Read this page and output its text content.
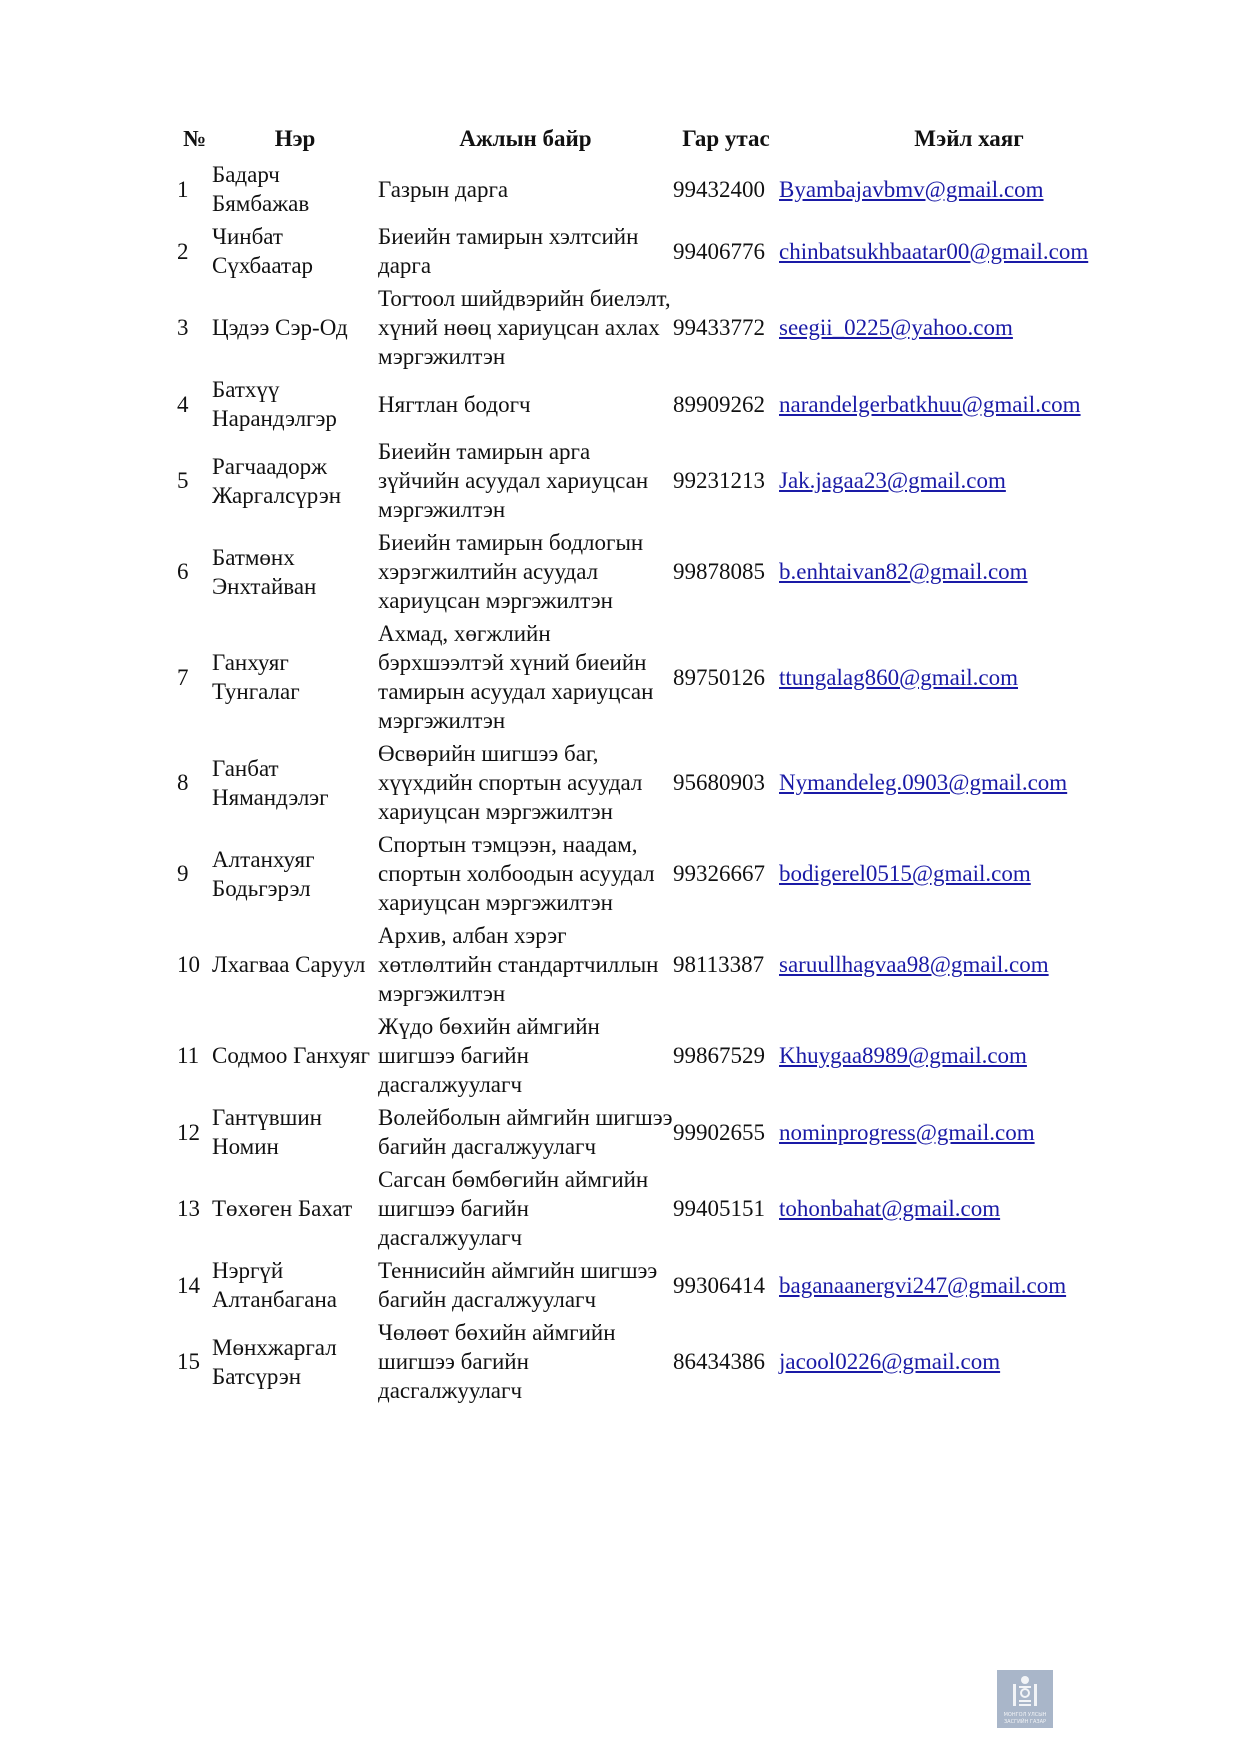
№	Нэр	Ажлын байр	Гар утас	Мэйл хаяг
1	Бадарч Бямбажав	Газрын дарга	99432400	Byambajavbmv@gmail.com
2	Чинбат Сүхбаатар	Биеийн тамирын хэлтсийн дарга	99406776	chinbatsukhbaatar00@gmail.com
3	Цэдээ Сэр-Од	Тогтоол шийдвэрийн биелэлт, хүний нөөц хариуцсан ахлах мэргэжилтэн	99433772	seegii_0225@yahoo.com
4	Батхүү Нарандэлгэр	Нягтлан бодогч	89909262	narandelgerbatkhuu@gmail.com
5	Рагчаадорж Жаргалсүрэн	Биеийн тамирын арга зүйчийн асуудал хариуцсан мэргэжилтэн	99231213	Jak.jagaa23@gmail.com
6	Батмөнх Энхтайван	Биеийн тамирын бодлогын хэрэгжилтийн асуудал хариуцсан мэргэжилтэн	99878085	b.enhtaivan82@gmail.com
7	Ганхуяг Тунгалаг	Ахмад, хөгжлийн бэрхшээлтэй хүний биеийн тамирын асуудал хариуцсан мэргэжилтэн	89750126	ttungalag860@gmail.com
8	Ганбат Нямандэлэг	Өсвөрийн шигшээ баг, хүүхдийн спортын асуудал хариуцсан мэргэжилтэн	95680903	Nymandeleg.0903@gmail.com
9	Алтанхуяг Бодьгэрэл	Спортын тэмцээн, наадам, спортын холбоодын асуудал хариуцсан мэргэжилтэн	99326667	bodigerel0515@gmail.com
10	Лхагваа Саруул	Архив, албан хэрэг хөтлөлтийн стандартчиллын мэргэжилтэн	98113387	saruullhagvaa98@gmail.com
11	Содмоо Ганхуяг	Жүдо бөхийн аймгийн шигшээ багийн дасгалжуулагч	99867529	Khuygaa8989@gmail.com
12	Гантүвшин Номин	Волейболын аймгийн шигшээ багийн дасгалжуулагч	99902655	nominprogress@gmail.com
13	Төхөген Бахат	Сагсан бөмбөгийн аймгийн шигшээ багийн дасгалжуулагч	99405151	tohonbahat@gmail.com
14	Нэргүй Алтанбагана	Теннисийн аймгийн шигшээ багийн дасгалжуулагч	99306414	baganaanergvi247@gmail.com
15	Мөнхжаргал Батсүрэн	Чөлөөт бөхийн аймгийн шигшээ багийн дасгалжуулагч	86434386	jacool0226@gmail.com
МОНГОЛ УЛСЫН
ЗАСГИЙН ГАЗАР
